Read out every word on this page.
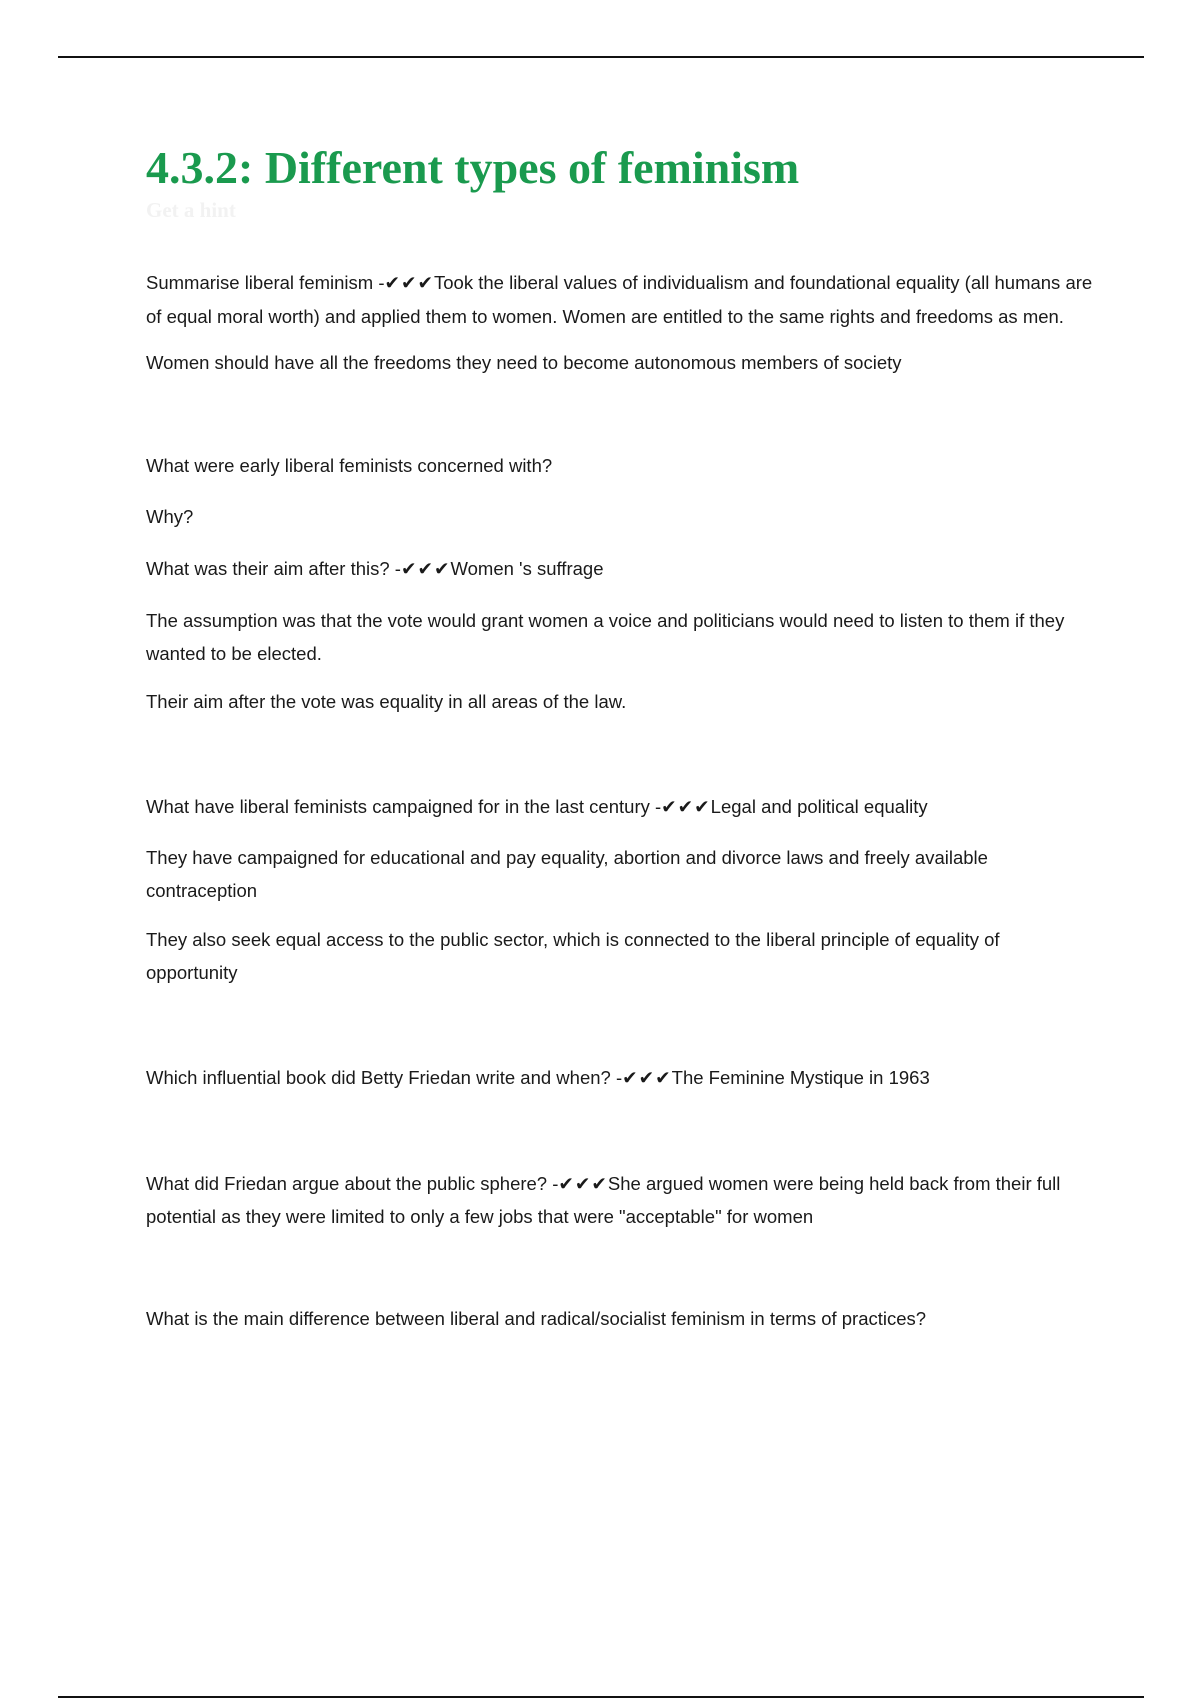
4.3.2: Different types of feminism
Get a hint

Summarise liberal feminism -✔✔✔Took the liberal values of individualism and foundational equality (all humans are of equal moral worth) and applied them to women. Women are entitled to the same rights and freedoms as men.

Women should have all the freedoms they need to become autonomous members of society

What were early liberal feminists concerned with?

Why?

What was their aim after this? -✔✔✔Women 's suffrage

The assumption was that the vote would grant women a voice and politicians would need to listen to them if they wanted to be elected.

Their aim after the vote was equality in all areas of the law.

What have liberal feminists campaigned for in the last century -✔✔✔Legal and political equality

They have campaigned for educational and pay equality, abortion and divorce laws and freely available contraception

They also seek equal access to the public sector, which is connected to the liberal principle of equality of opportunity

Which influential book did Betty Friedan write and when? -✔✔✔The Feminine Mystique in 1963

What did Friedan argue about the public sphere? -✔✔✔She argued women were being held back from their full potential as they were limited to only a few jobs that were "acceptable" for women

What is the main difference between liberal and radical/socialist feminism in terms of practices?
